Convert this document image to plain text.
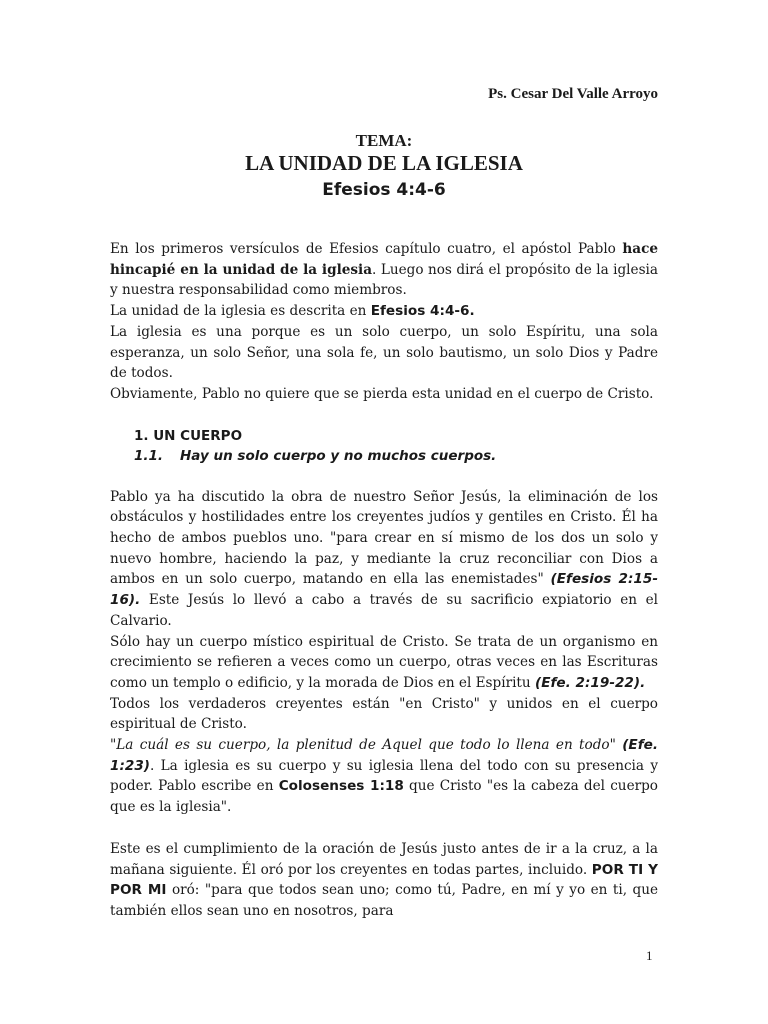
Ps. Cesar Del Valle Arroyo
TEMA:
LA UNIDAD DE LA IGLESIA
Efesios 4:4-6

En los primeros versículos de Efesios capítulo cuatro, el apóstol Pablo hace hincapié en la unidad de la iglesia. Luego nos dirá el propósito de la iglesia y nuestra responsabilidad como miembros.

La unidad de la iglesia es descrita en Efesios 4:4-6.

La iglesia es una porque es un solo cuerpo, un solo Espíritu, una sola esperanza, un solo Señor, una sola fe, un solo bautismo, un solo Dios y Padre de todos.

Obviamente, Pablo no quiere que se pierda esta unidad en el cuerpo de Cristo.

1. UN CUERPO

1.1. Hay un solo cuerpo y no muchos cuerpos.

Pablo ya ha discutido la obra de nuestro Señor Jesús, la eliminación de los obstáculos y hostilidades entre los creyentes judíos y gentiles en Cristo. Él ha hecho de ambos pueblos uno. "para crear en sí mismo de los dos un solo y nuevo hombre, haciendo la paz, y mediante la cruz reconciliar con Dios a ambos en un solo cuerpo, matando en ella las enemistades" (Efesios 2:15-16). Este Jesús lo llevó a cabo a través de su sacrificio expiatorio en el Calvario.

Sólo hay un cuerpo místico espiritual de Cristo. Se trata de un organismo en crecimiento se refieren a veces como un cuerpo, otras veces en las Escrituras como un templo o edificio, y la morada de Dios en el Espíritu (Efe. 2:19-22).

Todos los verdaderos creyentes están "en Cristo" y unidos en el cuerpo espiritual de Cristo.

"La cuál es su cuerpo, la plenitud de Aquel que todo lo llena en todo" (Efe. 1:23). La iglesia es su cuerpo y su iglesia llena del todo con su presencia y poder. Pablo escribe en Colosenses 1:18 que Cristo "es la cabeza del cuerpo que es la iglesia".

Este es el cumplimiento de la oración de Jesús justo antes de ir a la cruz, a la mañana siguiente. Él oró por los creyentes en todas partes, incluido. POR TI Y POR MI oró: "para que todos sean uno; como tú, Padre, en mí y yo en ti, que también ellos sean uno en nosotros, para

1
